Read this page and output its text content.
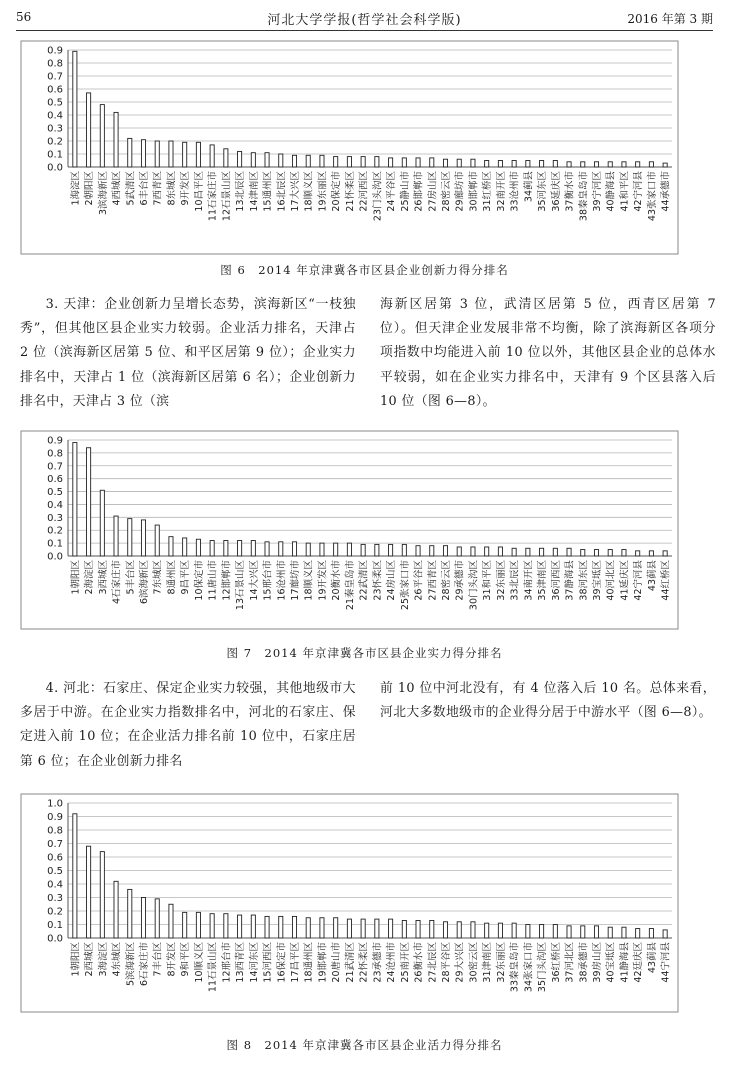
56	河北大学学报(哲学社会科学版)	2016 年第 3 期
0.0
0.1
0.2
0.3
0.4
0.5
0.6
0.7
0.8
0.9
1海淀区 2朝阳区 3滨海新区 4西城区 5武清区 6丰台区 7西青区 8东城区 9开发区 10昌平区 11石家庄市 12石景山区 13北辰区 14津南区 15通州区 16北辰区 17大兴区 18顺义区 19东丽区 20保定市 21怀柔区 22河西区 23门头沟区 24平谷区 25静山市 26邯郸市 27房山区 28密云区 29廊坊市 30邯郸市 31红桥区 32南开区 33沧州市 34蓟县 35河东区 36延庆区 37衡水市 38秦皇岛市 39宁河区 40静海县 41和平区 42宁河县 43张家口市 44承德市
图 6　2014 年京津冀各市区县企业创新力得分排名

3. 天津：企业创新力呈增长态势，滨海新区“一枝独秀”，但其他区县企业实力较弱。企业活力排名，天津占 2 位（滨海新区居第 5 位、和平区居第 9 位）；企业实力排名中，天津占 1 位（滨海新区居第 6 名）；企业创新力排名中，天津占 3 位（滨

海新区居第 3 位，武清区居第 5 位，西青区居第 7 位）。但天津企业发展非常不均衡，除了滨海新区各项分项指数中均能进入前 10 位以外，其他区县企业的总体水平较弱，如在企业实力排名中，天津有 9 个区县落入后 10 位（图 6—8）。

0.0
0.1
0.2
0.3
0.4
0.5
0.6
0.7
0.8
0.9
1朝阳区 2海淀区 3西城区 4石家庄市 5丰台区 6滨海新区 7东城区 8通州区 9昌平区 10保定市 11唐山市 12邯郸市 13石景山区 14大兴区 15邢台市 16沧州市 17廊坊市 18顺义区 19开发区 20衡水市 21秦皇岛市 22武清区 23怀柔区 24房山区 25张家口市 26平谷区 27西青区 28密云区 29承德市 30门头沟区 31和平区 32东丽区 33北辰区 34南开区 35津南区 36河西区 37静海县 38河东区 39宝坻区 40河北区 41延庆区 42宁河县 43蓟县 44红桥区
图 7　2014 年京津冀各市区县企业实力得分排名

4. 河北：石家庄、保定企业实力较强，其他地级市大多居于中游。在企业实力指数排名中，河北的石家庄、保定进入前 10 位；在企业活力排名前 10 位中，石家庄居第 6 位；在企业创新力排名

前 10 位中河北没有，有 4 位落入后 10 名。总体来看，河北大多数地级市的企业得分居于中游水平（图 6—8）。

0.0
0.1
0.2
0.3
0.4
0.5
0.6
0.7
0.8
0.9
1.0
1朝阳区 2西城区 3海淀区 4东城区 5滨海新区 6石家庄市 7丰台区 8开发区 9和平区 10顺义区 11石景山区 12邢台市 13西青区 14河东区 15河西区 16保定市 17昌平区 18通州区 19邯郸市 20唐山市 21武清区 22怀柔区 23承德市 24沧州市 25南开区 26衡水市 27北辰区 28平谷区 29大兴区 30密云区 31津南区 32东丽区 33秦皇岛市 34张家口市 35门头沟区 36红桥区 37河北区 38承德市 39房山区 40宝坻区 41静海县 42廷庆区 43蓟县 44宁河县
图 8　2014 年京津冀各市区县企业活力得分排名
